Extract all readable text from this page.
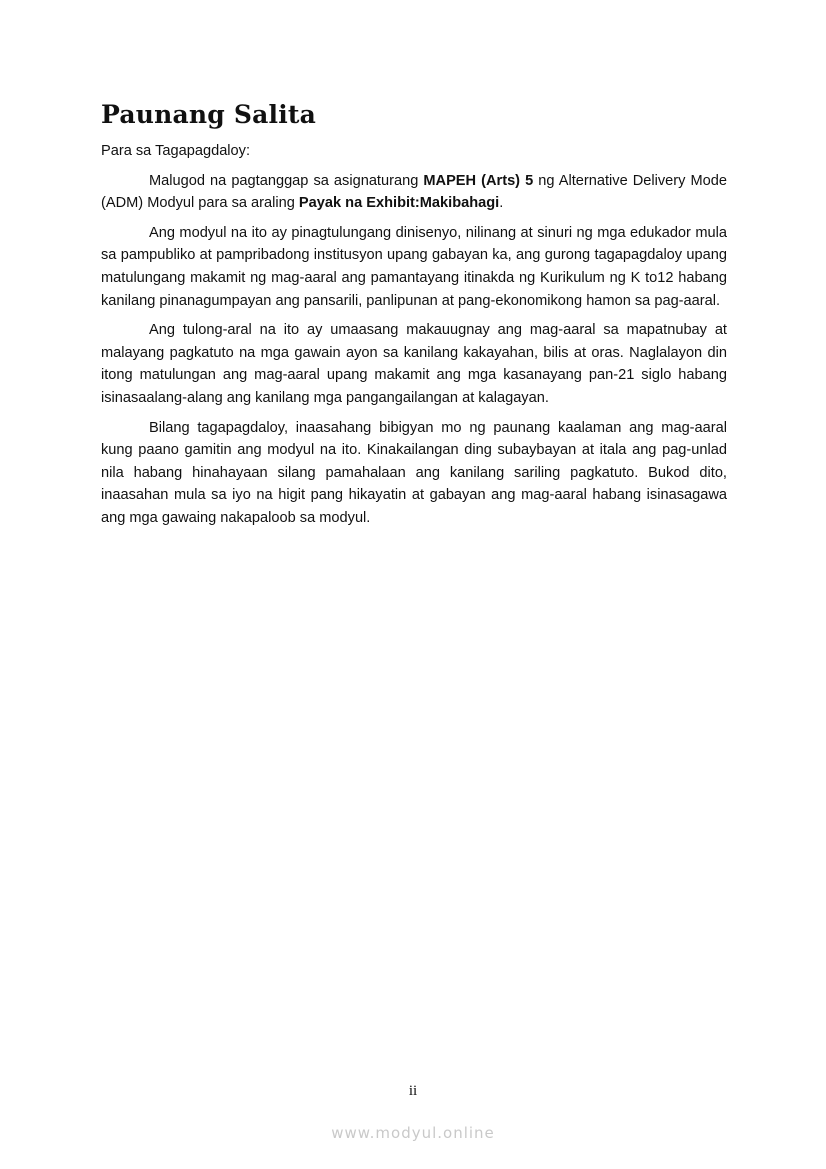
Paunang Salita
Para sa Tagapagdaloy:

Malugod na pagtanggap sa asignaturang MAPEH (Arts) 5 ng Alternative Delivery Mode (ADM) Modyul para sa araling Payak na Exhibit:Makibahagi.

Ang modyul na ito ay pinagtulungang dinisenyo, nilinang at sinuri ng mga edukador mula sa pampubliko at pampribadong institusyon upang gabayan ka, ang gurong tagapagdaloy upang matulungang makamit ng mag-aaral ang pamantayang itinakda ng Kurikulum ng K to12 habang kanilang pinanagumpayan ang pansarili, panlipunan at pang-ekonomikong hamon sa pag-aaral.

Ang tulong-aral na ito ay umaasang makauugnay ang mag-aaral sa mapatnubay at malayang pagkatuto na mga gawain ayon sa kanilang kakayahan, bilis at oras. Naglalayon din itong matulungan ang mag-aaral upang makamit ang mga kasanayang pan-21 siglo habang isinasaalang-alang ang kanilang mga pangangailangan at kalagayan.

Bilang tagapagdaloy, inaasahang bibigyan mo ng paunang kaalaman ang mag-aaral kung paano gamitin ang modyul na ito. Kinakailangan ding subaybayan at itala ang pag-unlad nila habang hinahayaan silang pamahalaan ang kanilang sariling pagkatuto. Bukod dito, inaasahan mula sa iyo na higit pang hikayatin at gabayan ang mag-aaral habang isinasagawa ang mga gawaing nakapaloob sa modyul.

ii
www.modyul.online
